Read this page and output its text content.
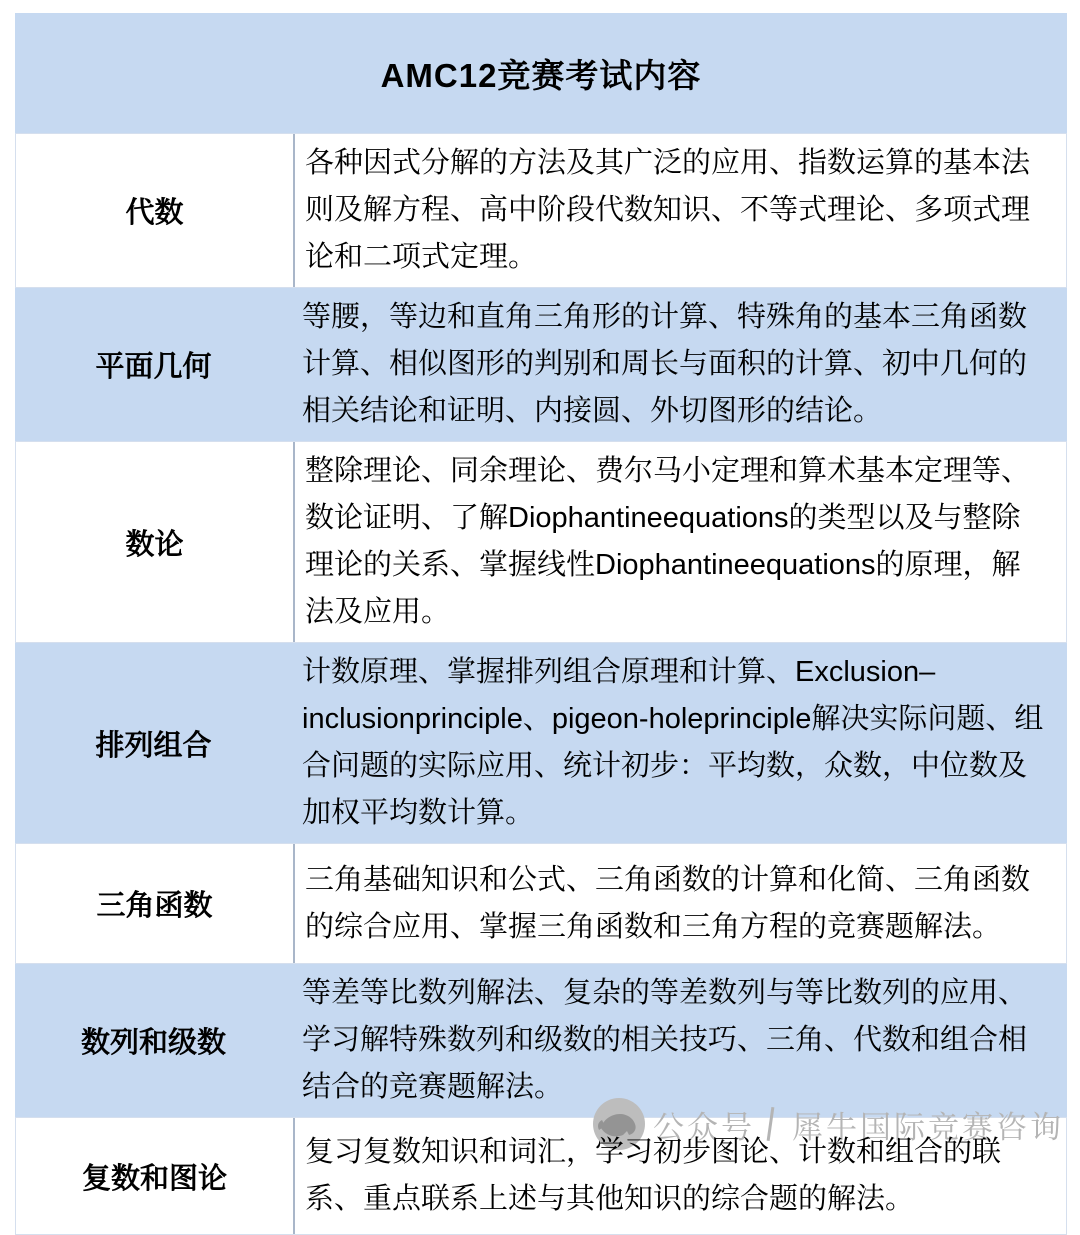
AMC12竞赛考试内容
代数
各种因式分解的方法及其广泛的应用、指数运算的基本法则及解方程、高中阶段代数知识、不等式理论、多项式理论和二项式定理。
平面几何
等腰，等边和直角三角形的计算、特殊角的基本三角函数计算、相似图形的判别和周长与面积的计算、初中几何的相关结论和证明、内接圆、外切图形的结论。
数论
整除理论、同余理论、费尔马小定理和算术基本定理等、数论证明、了解Diophantineequations的类型以及与整除理论的关系、掌握线性Diophantineequations的原理，解法及应用。
排列组合
计数原理、掌握排列组合原理和计算、Exclusion–inclusionprinciple、pigeon-holeprinciple解决实际问题、组合问题的实际应用、统计初步：平均数，众数，中位数及加权平均数计算。
三角函数
三角基础知识和公式、三角函数的计算和化简、三角函数的综合应用、掌握三角函数和三角方程的竞赛题解法。
数列和级数
等差等比数列解法、复杂的等差数列与等比数列的应用、学习解特殊数列和级数的相关技巧、三角、代数和组合相结合的竞赛题解法。
复数和图论
复习复数知识和词汇，学习初步图论、计数和组合的联系、重点联系上述与其他知识的综合题的解法。
公众号 犀牛国际竞赛咨询
